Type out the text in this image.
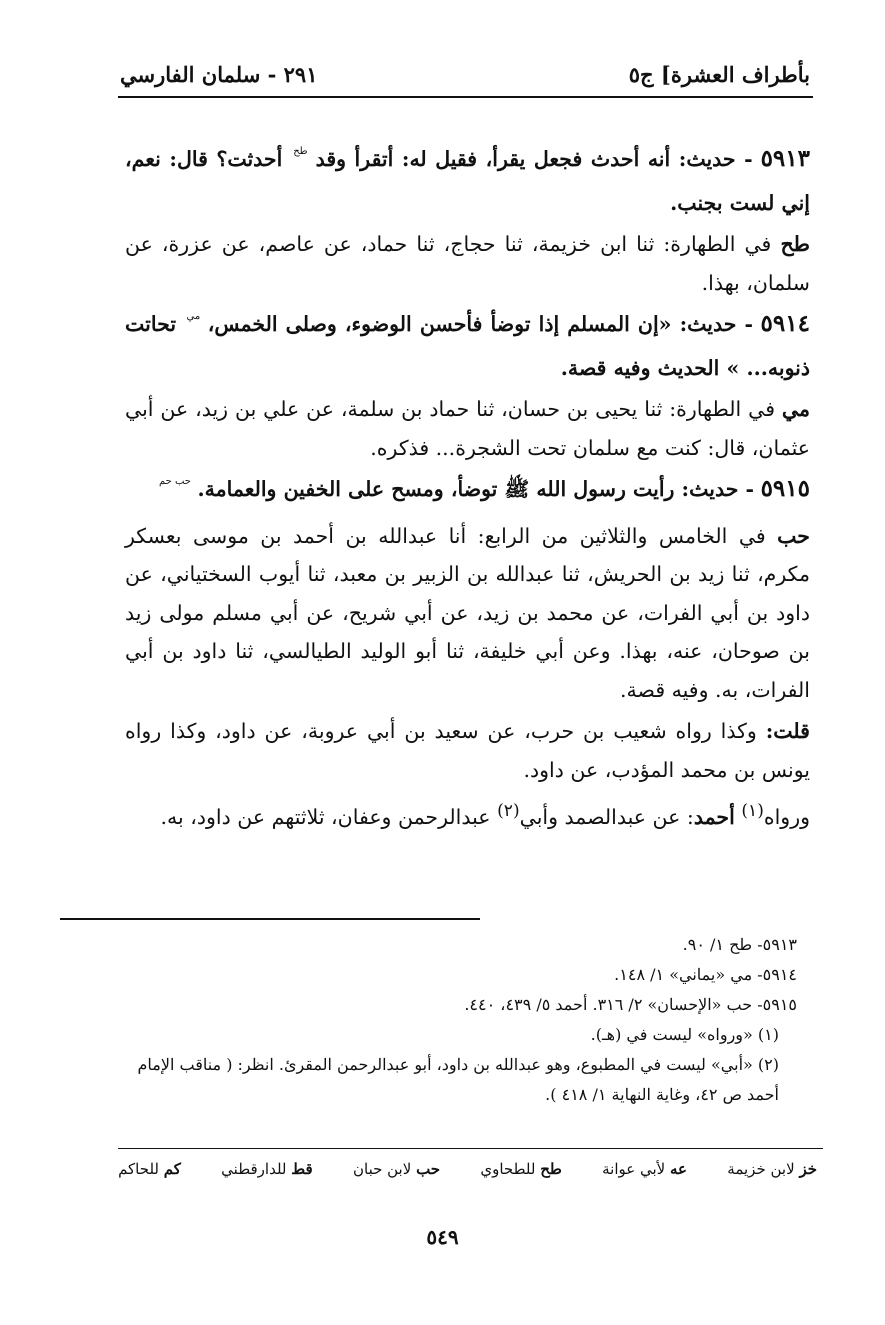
بأطراف العشرة] ج٥
٢٩١ - سلمان الفارسي

٥٩١٣ - حديث: أنه أحدث فجعل يقرأ، فقيل له: أتقرأ وقد $^{طح}$ أحدثت؟ قال: نعم، إني لست بجنب.

طح في الطهارة: ثنا ابن خزيمة، ثنا حجاج، ثنا حماد، عن عاصم، عن عزرة، عن سلمان، بهذا.

٥٩١٤ - حديث: «إن المسلم إذا توضأ فأحسن الوضوء، وصلى الخمس، $^{مي}$ تحاتت ذنوبه... » الحديث وفيه قصة.

مي في الطهارة: ثنا يحيى بن حسان، ثنا حماد بن سلمة، عن علي بن زيد، عن أبي عثمان، قال: كنت مع سلمان تحت الشجرة... فذكره.

٥٩١٥ - حديث: رأيت رسول الله ﷺ توضأ، ومسح على الخفين والعمامة. $^{حب حم}$

حب في الخامس والثلاثين من الرابع: أنا عبدالله بن أحمد بن موسى بعسكر مكرم، ثنا زيد بن الحريش، ثنا عبدالله بن الزبير بن معبد، ثنا أيوب السختياني، عن داود بن أبي الفرات، عن محمد بن زيد، عن أبي شريح، عن أبي مسلم مولى زيد بن صوحان، عنه، بهذا. وعن أبي خليفة، ثنا أبو الوليد الطيالسي، ثنا داود بن أبي الفرات، به. وفيه قصة.

قلت: وكذا رواه شعيب بن حرب، عن سعيد بن أبي عروبة، عن داود، وكذا رواه يونس بن محمد المؤدب، عن داود.

ورواه$^{(١)}$ أحمد: عن عبدالصمد وأبي$^{(٢)}$ عبدالرحمن وعفان، ثلاثتهم عن داود، به.

٥٩١٣- طح ١/ ٩٠.

٥٩١٤- مي «يماني» ١/ ١٤٨.

٥٩١٥- حب «الإحسان» ٢/ ٣١٦. أحمد ٥/ ٤٣٩، ٤٤٠.

(١) «ورواه» ليست في (هـ).

(٢) «أبي» ليست في المطبوع، وهو عبدالله بن داود، أبو عبدالرحمن المقرئ. انظر: ( مناقب الإمام أحمد ص ٤٢، وغاية النهاية ١/ ٤١٨ ).

خز لابن خزيمة
عه لأبي عوانة
طح للطحاوي
حب لابن حبان
قط للدارقطني
كم للحاكم
٥٤٩
